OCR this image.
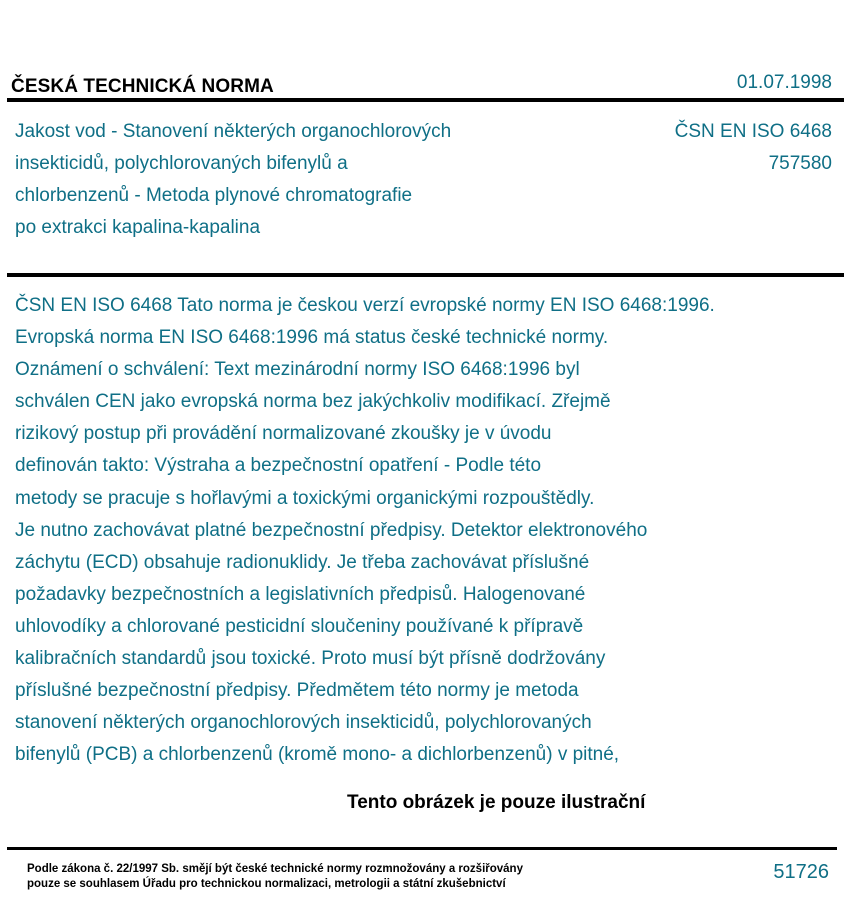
ČESKÁ TECHNICKÁ NORMA	01.07.1998
Jakost vod - Stanovení některých organochlorových
insekticidů, polychlorovaných bifenylů a
chlorbenzenů - Metoda plynové chromatografie
po extrakci kapalina-kapalina
ČSN EN ISO 6468
757580
ČSN EN ISO 6468 Tato norma je českou verzí evropské normy EN ISO 6468:1996.
Evropská norma EN ISO 6468:1996 má status české technické normy.
Oznámení o schválení: Text mezinárodní normy ISO 6468:1996 byl
schválen CEN jako evropská norma bez jakýchkoliv modifikací. Zřejmě
rizikový postup při provádění normalizované zkoušky je v úvodu
definován takto: Výstraha a bezpečnostní opatření - Podle této
metody se pracuje s hořlavými a toxickými organickými rozpouštědly.
Je nutno zachovávat platné bezpečnostní předpisy. Detektor elektronového
záchytu (ECD) obsahuje radionuklidy. Je třeba zachovávat příslušné
požadavky bezpečnostních a legislativních předpisů. Halogenované
uhlovodíky a chlorované pesticidní sloučeniny používané k přípravě
kalibračních standardů jsou toxické. Proto musí být přísně dodržovány
příslušné bezpečnostní předpisy. Předmětem této normy je metoda
stanovení některých organochlorových insekticidů, polychlorovaných
bifenylů (PCB) a chlorbenzenů (kromě mono- a dichlorbenzenů) v pitné,
Tento obrázek je pouze ilustrační
Podle zákona č. 22/1997 Sb. smějí být české technické normy rozmnožovány a rozšiřovány
pouze se souhlasem Úřadu pro technickou normalizaci, metrologii a státní zkušebnictví
51726
